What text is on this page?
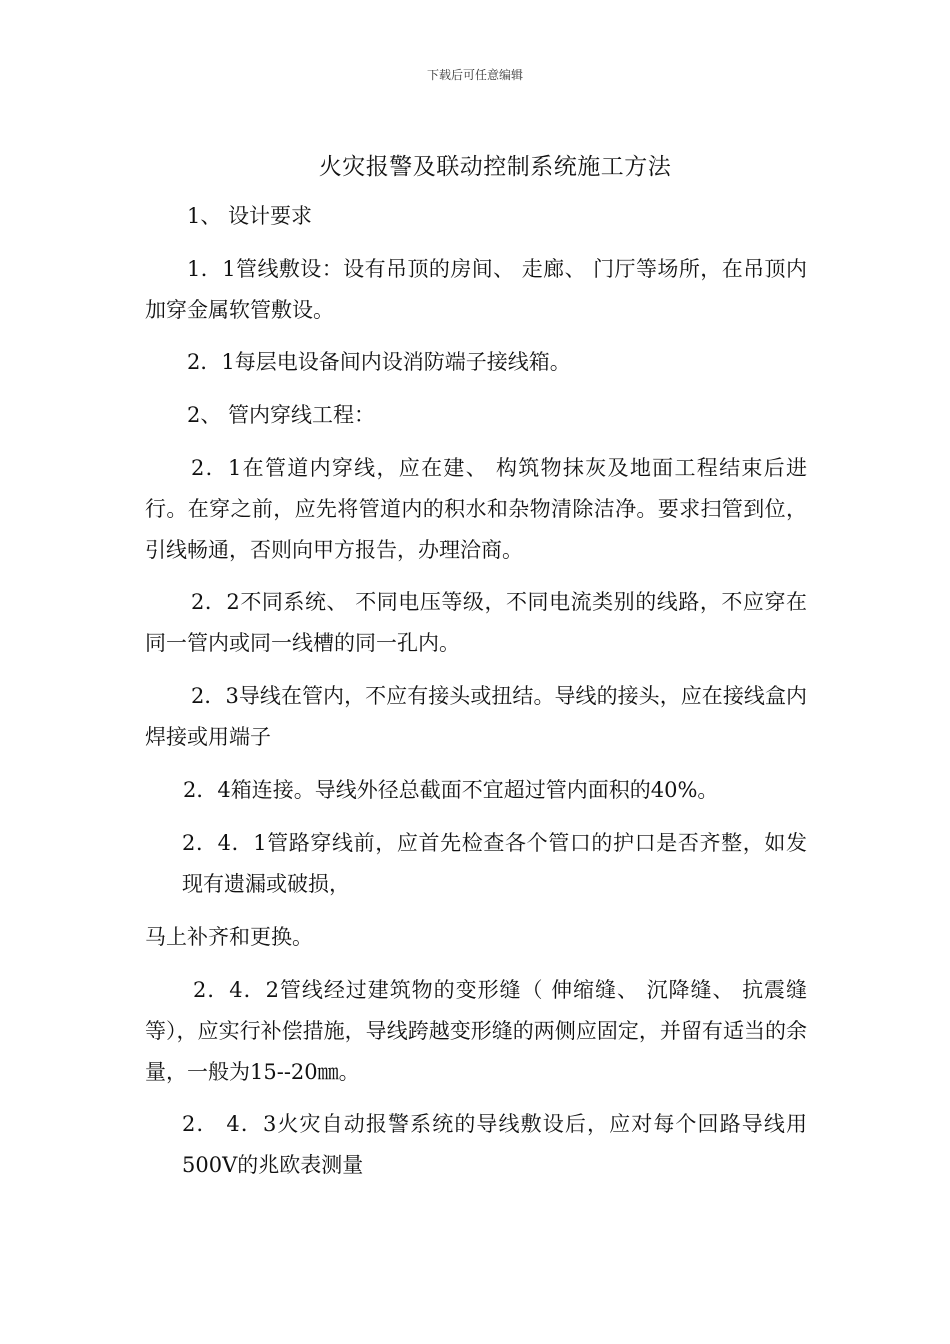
下载后可任意编辑
火灾报警及联动控制系统施工方法
1、 设计要求
1．1管线敷设：设有吊顶的房间、 走廊、 门厅等场所，在吊顶内加穿金属软管敷设。
2．1每层电设备间内设消防端子接线箱。
2、 管内穿线工程：
2．1在管道内穿线，应在建、 构筑物抹灰及地面工程结束后进行。在穿之前，应先将管道内的积水和杂物清除洁净。要求扫管到位，引线畅通，否则向甲方报告，办理洽商。
2．2不同系统、 不同电压等级，不同电流类别的线路，不应穿在同一管内或同一线槽的同一孔内。
2．3导线在管内，不应有接头或扭结。导线的接头，应在接线盒内焊接或用端子
2．4箱连接。导线外径总截面不宜超过管内面积的40%。
2．4．1管路穿线前，应首先检查各个管口的护口是否齐整，如发现有遗漏或破损，
马上补齐和更换。
2．4．2管线经过建筑物的变形缝（ 伸缩缝、 沉降缝、 抗震缝等），应实行补偿措施，导线跨越变形缝的两侧应固定，并留有适当的余量，一般为15--20㎜。
2． 4．3火灾自动报警系统的导线敷设后，应对每个回路导线用500V的兆欧表测量
